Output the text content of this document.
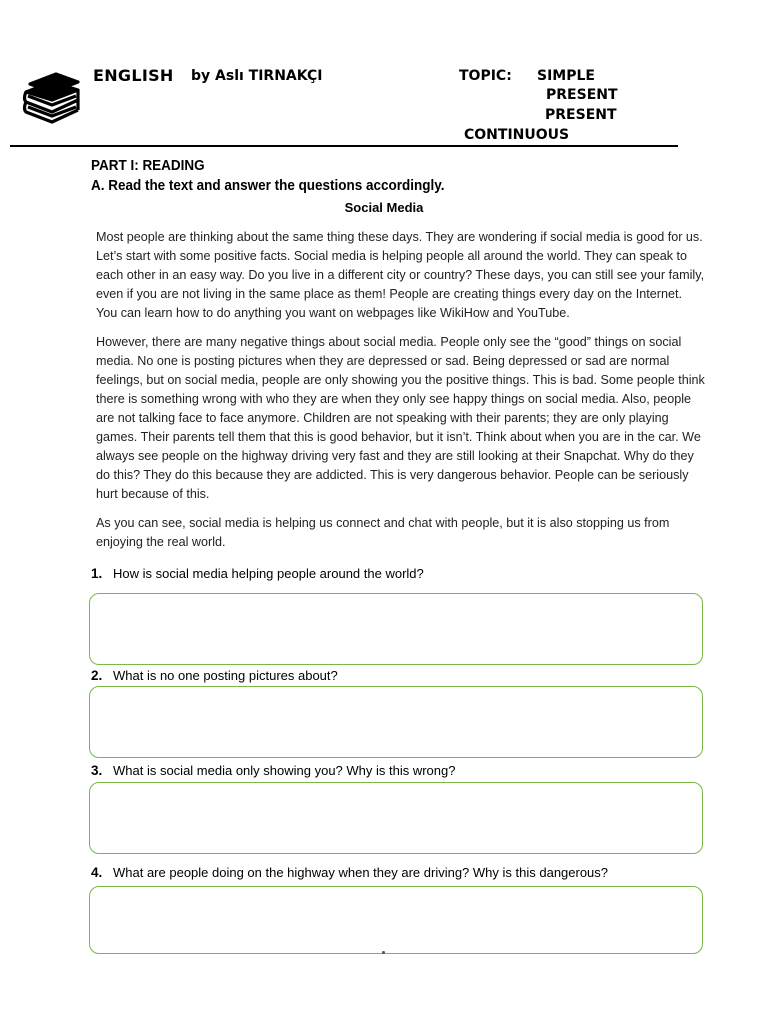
ENGLISH by Aslı TIRNAKÇI	TOPIC: SIMPLE
PRESENT
PRESENT
CONTINUOUS
PART I: READING
A. Read the text and answer the questions accordingly.
Social Media

Most people are thinking about the same thing these days. They are wondering if social media is good for us. Let’s start with some positive facts. Social media is helping people all around the world. They can speak to each other in an easy way. Do you live in a different city or country? These days, you can still see your family, even if you are not living in the same place as them! People are creating things every day on the Internet. You can learn how to do anything you want on webpages like WikiHow and YouTube.

However, there are many negative things about social media. People only see the “good” things on social media. No one is posting pictures when they are depressed or sad. Being depressed or sad are normal feelings, but on social media, people are only showing you the positive things. This is bad. Some people think there is something wrong with who they are when they only see happy things on social media. Also, people are not talking face to face anymore. Children are not speaking with their parents; they are only playing games. Their parents tell them that this is good behavior, but it isn’t. Think about when you are in the car. We always see people on the highway driving very fast and they are still looking at their Snapchat. Why do they do this? They do this because they are addicted. This is very dangerous behavior. People can be seriously hurt because of this.

As you can see, social media is helping us connect and chat with people, but it is also stopping us from enjoying the real world.

1. How is social media helping people around the world?
2. What is no one posting pictures about?
3. What is social media only showing you? Why is this wrong?
4. What are people doing on the highway when they are driving? Why is this dangerous?
